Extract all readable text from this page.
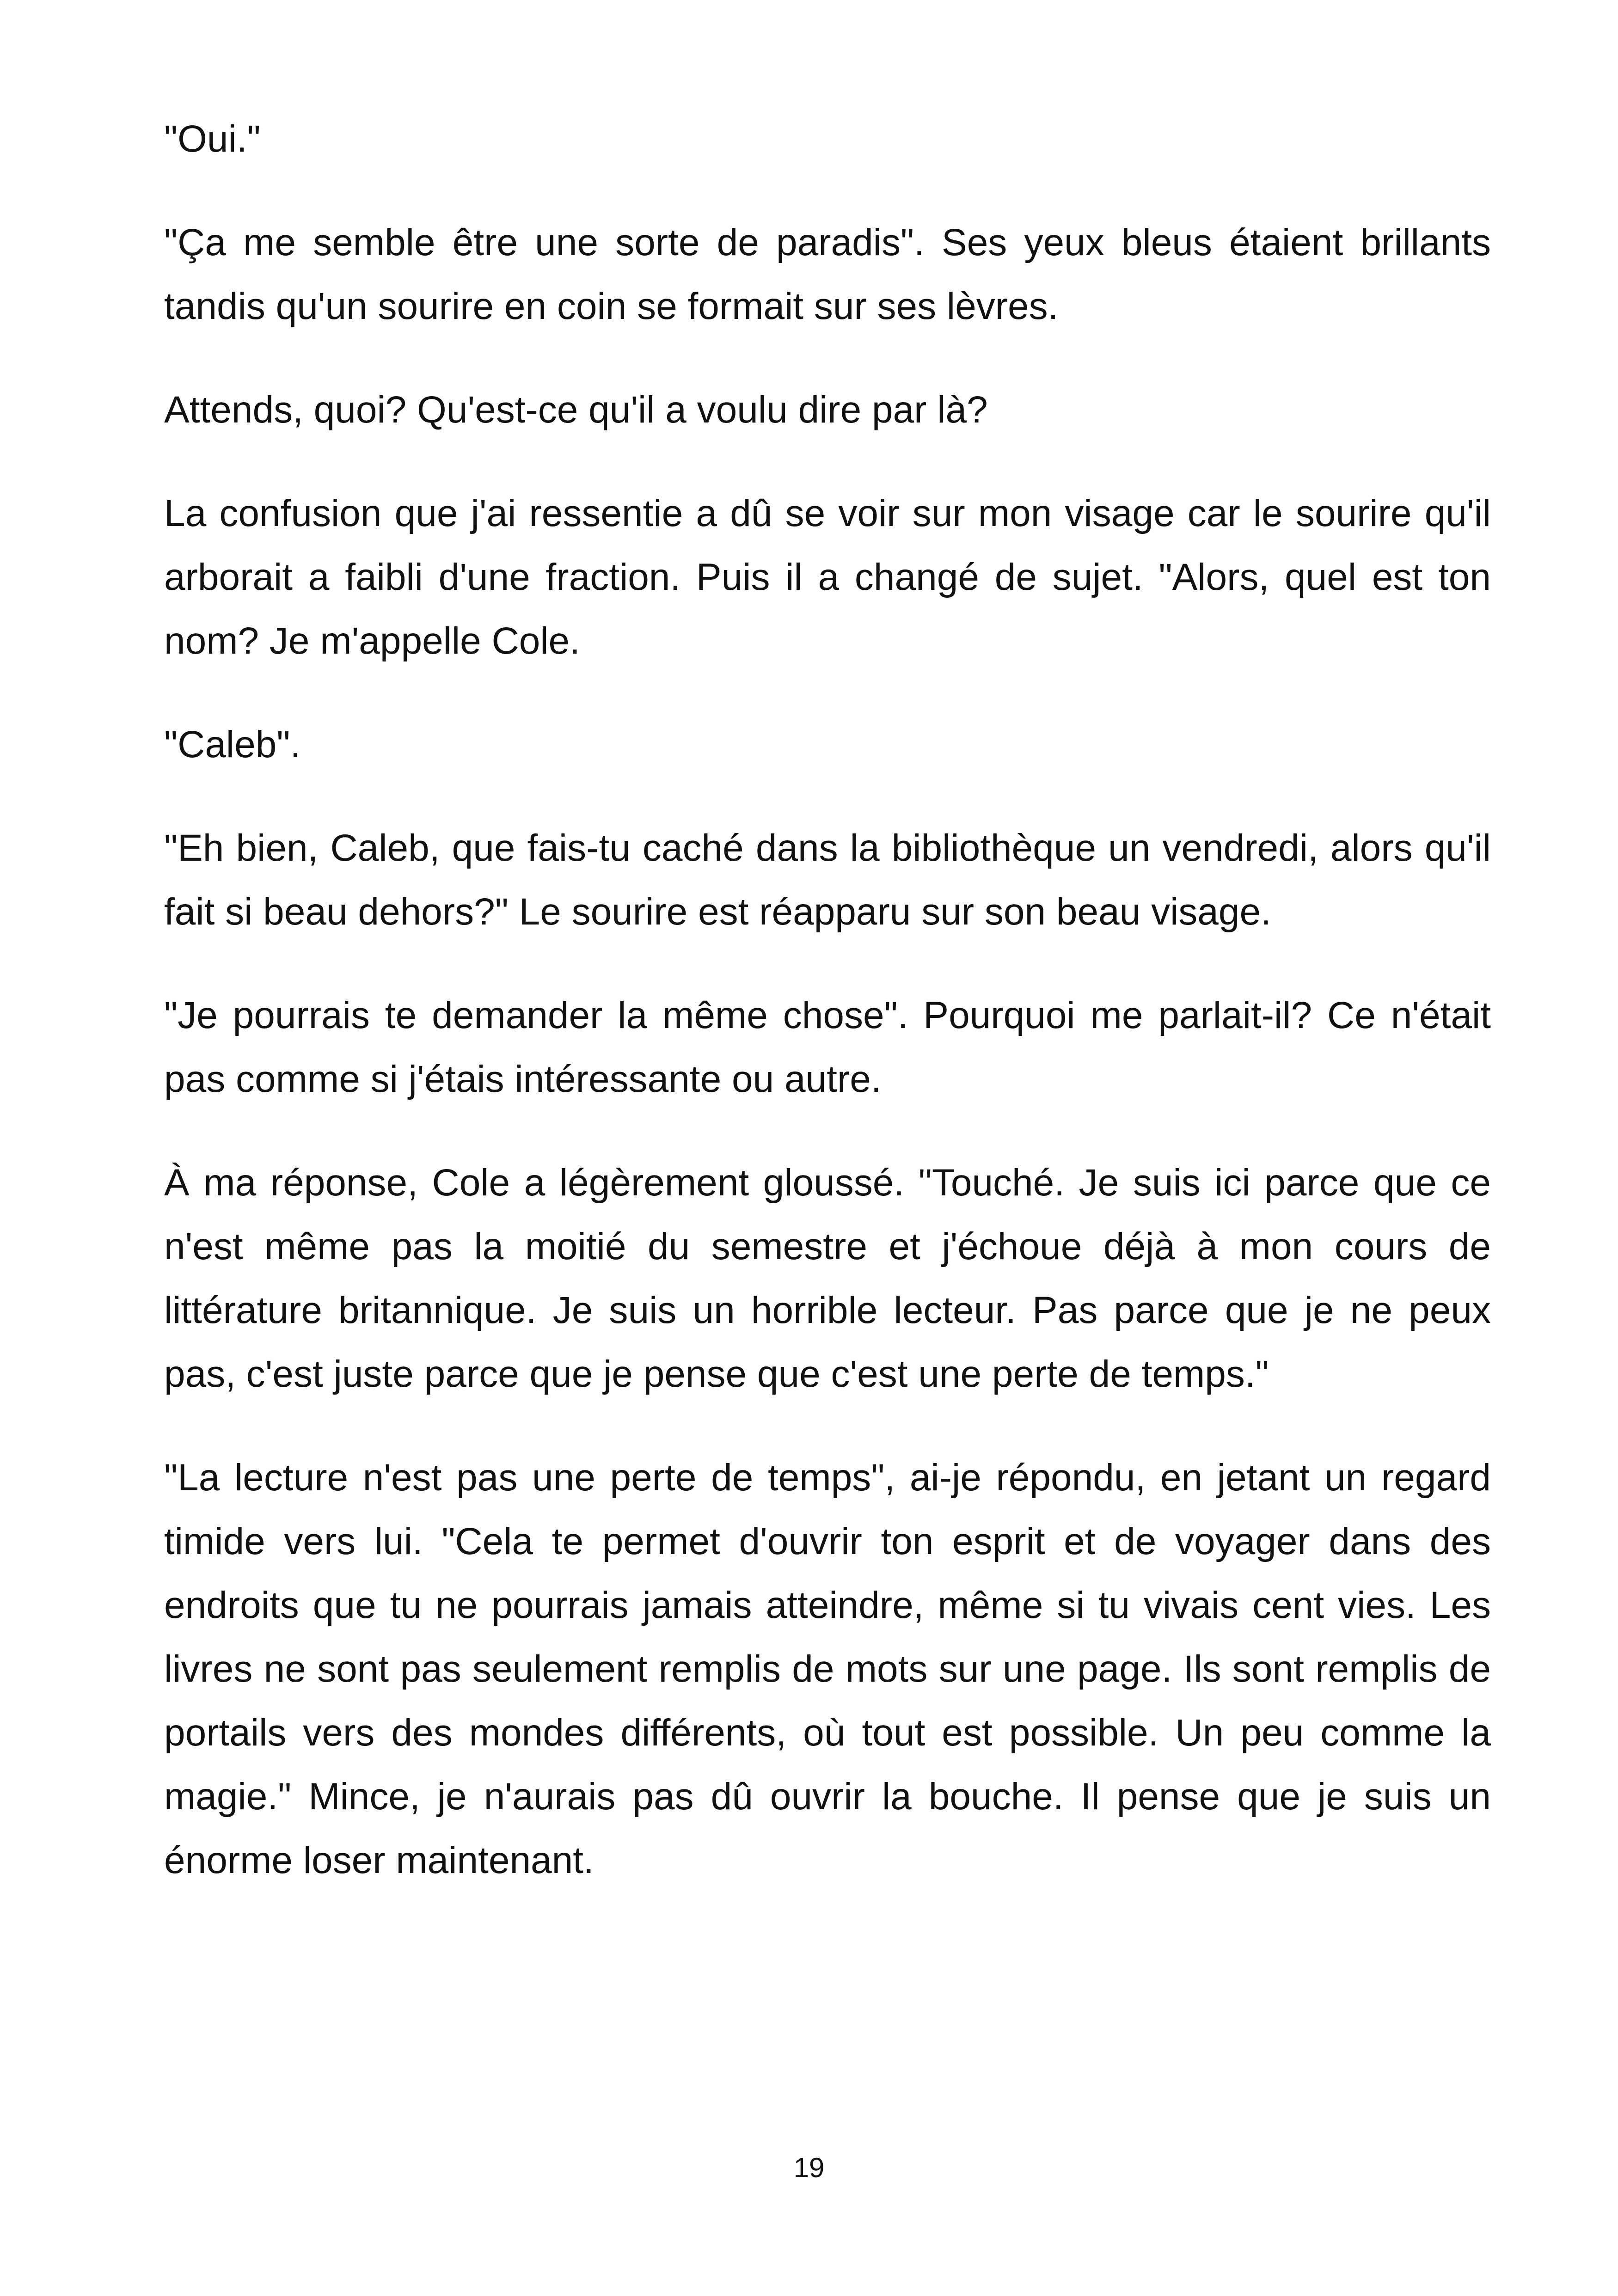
"Oui."

"Ça me semble être une sorte de paradis". Ses yeux bleus étaient brillants tandis qu'un sourire en coin se formait sur ses lèvres.

Attends, quoi? Qu'est-ce qu'il a voulu dire par là?

La confusion que j'ai ressentie a dû se voir sur mon visage car le sourire qu'il arborait a faibli d'une fraction. Puis il a changé de sujet. "Alors, quel est ton nom? Je m'appelle Cole.

"Caleb".

"Eh bien, Caleb, que fais-tu caché dans la bibliothèque un vendredi, alors qu'il fait si beau dehors?" Le sourire est réapparu sur son beau visage.

"Je pourrais te demander la même chose". Pourquoi me parlait-il? Ce n'était pas comme si j'étais intéressante ou autre.

À ma réponse, Cole a légèrement gloussé. "Touché. Je suis ici parce que ce n'est même pas la moitié du semestre et j'échoue déjà à mon cours de littérature britannique. Je suis un horrible lecteur. Pas parce que je ne peux pas, c'est juste parce que je pense que c'est une perte de temps."

"La lecture n'est pas une perte de temps", ai-je répondu, en jetant un regard timide vers lui. "Cela te permet d'ouvrir ton esprit et de voyager dans des endroits que tu ne pourrais jamais atteindre, même si tu vivais cent vies. Les livres ne sont pas seulement remplis de mots sur une page. Ils sont remplis de portails vers des mondes différents, où tout est possible. Un peu comme la magie." Mince, je n'aurais pas dû ouvrir la bouche. Il pense que je suis un énorme loser maintenant.

19
